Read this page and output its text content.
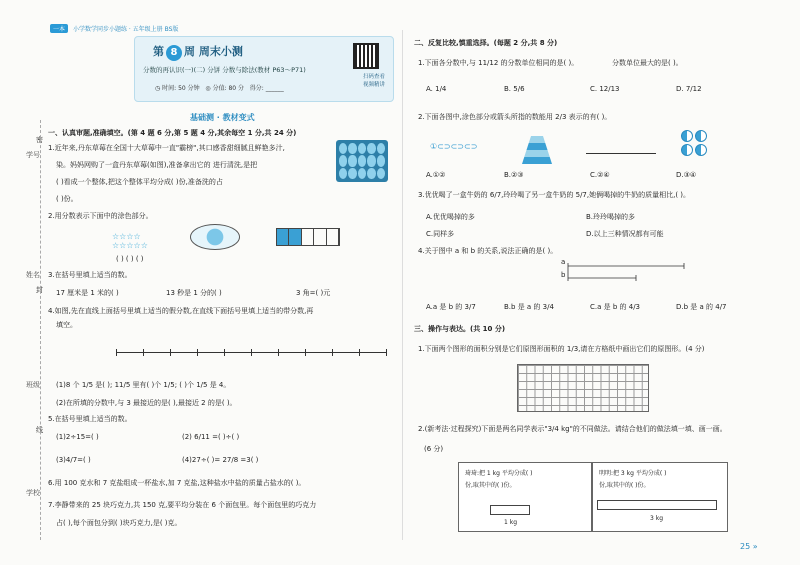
一本 小学数学同步小题练 · 五年级上册 BS版
第 8 周 周末小测
分数的再认识(一)(二) 分饼 分数与除法(教材 P63～P71)
◷ 时间: 50 分钟 ◎ 分值: 80 分 得分: ______
扫码查看
视频精讲
学号
姓名
班级
学校
密
封
线
基础测 · 教材变式
一、认真审题,准确填空。(第 4 题 6 分,第 5 题 4 分,其余每空 1 分,共 24 分)
1.近年来,丹东草莓在全国十大草莓中一直"霸榜",其口感香甜细腻且鲜艳多汁,
染。妈妈网购了一盒丹东草莓(如图),准备拿出它的 进行清洗,是把
( )看成一个整体,把这个整体平均分成( )份,准备洗的占
( )份。
2.用分数表示下面中的涂色部分。
☆☆☆☆
☆☆☆☆☆
( ) ( ) ( )
3.在括号里填上适当的数。
17 厘米是 1 米的( )	13 秒是 1 分的( )	3 角=( )元
4.如图,先在直线上面括号里填上适当的假分数,在直线下面括号里填上适当的带分数,再
填空。
(1)8 个 1/5 是( ); 11/5 里有( )个 1/5; ( )个 1/5 是 4。
(2)在所填的分数中,与 3 最接近的是( ),最接近 2 的是( )。
5.在括号里填上适当的数。
(1)2÷15=( )	(2) 6/11 =( )÷( )
(3)4/7=( )	(4)27÷( )= 27/8 =3( )
6.用 100 克水和 7 克盐组成一杯盐水,加 7 克盐,这种盐水中盐的质量占盐水的( )。
7.李静带来的 25 块巧克力,共 150 克,要平均分装在 6 个面包里。每个面包里的巧克力
占( ),每个面包分到( )块巧克力,是( )克。
二、反复比较,慎重选择。(每题 2 分,共 8 分)
1.下面各分数中,与 11/12 的分数单位相同的是( )。	分数单位最大的是( )。
A. 1/4	B. 5/6	C. 12/13	D. 7/12
2.下面各图中,涂色部分或箭头所指的数能用 2/3 表示的有( )。
①⊂⊃⊂⊃⊂⊃

A.①②	B.②③	C.②④	D.③④
3.优优喝了一盒牛奶的 6/7,玲玲喝了另一盒牛奶的 5/7,她俩喝掉的牛奶的质量相比,( )。
A.优优喝掉的多	B.玲玲喝掉的多
C.同样多	D.以上三种情况都有可能
4.关于图中 a 和 b 的关系,说法正确的是( )。
a
b
A.a 是 b 的 3/7	B.b 是 a 的 3/4	C.a 是 b 的 4/3	D.b 是 a 的 4/7
三、操作与表达。(共 10 分)
1.下面两个图形的面积分别是它们原图形面积的 1/3,请在方格纸中画出它们的原图形。(4 分)
2.(新考法·过程探究)下面是两名同学表示"3/4 kg"的不同做法。请结合他们的做法填一填、画一画。
(6 分)
琦琦:把 1 kg 平均分成( )
份,取其中的( )份。
1 kg
明明:把 3 kg 平均分成( )
份,取其中的( )份。
3 kg
25 »
